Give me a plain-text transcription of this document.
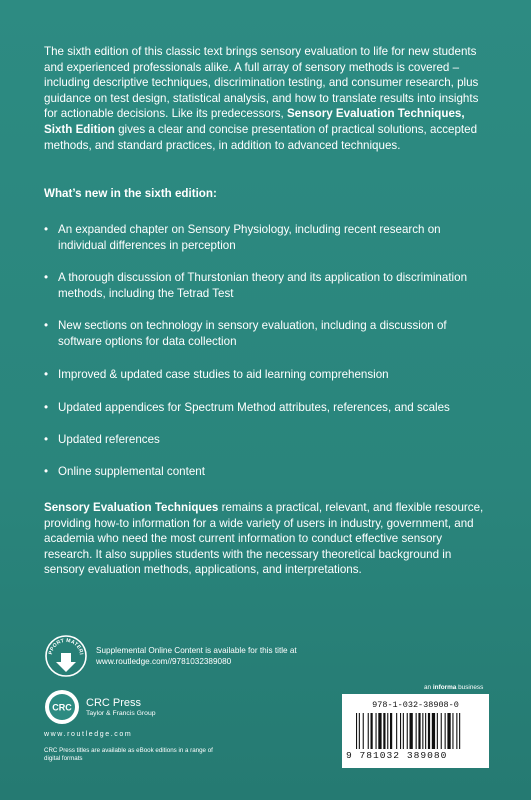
The sixth edition of this classic text brings sensory evaluation to life for new students and experienced professionals alike. A full array of sensory methods is covered – including descriptive techniques, discrimination testing, and consumer research, plus guidance on test design, statistical analysis, and how to translate results into insights for actionable decisions. Like its predecessors, Sensory Evaluation Techniques, Sixth Edition gives a clear and concise presentation of practical solutions, accepted methods, and standard practices, in addition to advanced techniques.
What’s new in the sixth edition:
• An expanded chapter on Sensory Physiology, including recent research on individual differences in perception
• A thorough discussion of Thurstonian theory and its application to discrimination methods, including the Tetrad Test
• New sections on technology in sensory evaluation, including a discussion of software options for data collection
• Improved & updated case studies to aid learning comprehension
• Updated appendices for Spectrum Method attributes, references, and scales
• Updated references
• Online supplemental content
Sensory Evaluation Techniques remains a practical, relevant, and flexible resource, providing how-to information for a wide variety of users in industry, government, and academia who need the most current information to conduct effective sensory research. It also supplies students with the necessary theoretical background in sensory evaluation methods, applications, and interpretations.
PPORT MATERI Supplemental Online Content is available for this title at www.routledge.com//9781032389080
CRC CRC Press
Taylor & Francis Group
www.routledge.com
CRC Press titles are available as eBook editions in a range of digital formats
an informa business
978-1-032-38908-0
9 781032 389080
